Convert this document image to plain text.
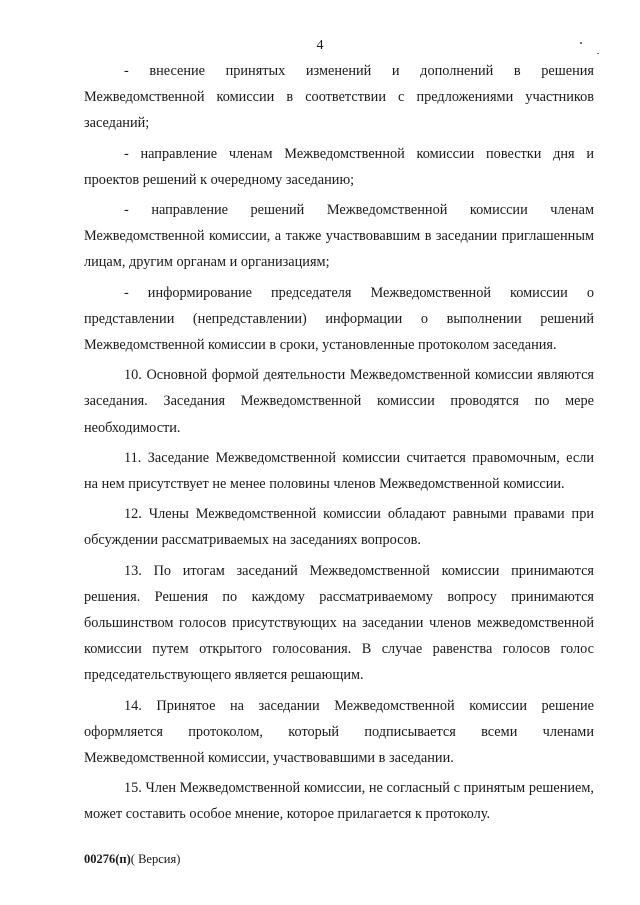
4

- внесение принятых изменений и дополнений в решения Межведомственной комиссии в соответствии с предложениями участников заседаний;

- направление членам Межведомственной комиссии повестки дня и проектов решений к очередному заседанию;

- направление решений Межведомственной комиссии членам Межведомственной комиссии, а также участвовавшим в заседании приглашенным лицам, другим органам и организациям;

- информирование председателя Межведомственной комиссии о представлении (непредставлении) информации о выполнении решений Межведомственной комиссии в сроки, установленные протоколом заседания.

10. Основной формой деятельности Межведомственной комиссии являются заседания. Заседания Межведомственной комиссии проводятся по мере необходимости.

11. Заседание Межведомственной комиссии считается правомочным, если на нем присутствует не менее половины членов Межведомственной комиссии.

12. Члены Межведомственной комиссии обладают равными правами при обсуждении рассматриваемых на заседаниях вопросов.

13. По итогам заседаний Межведомственной комиссии принимаются решения. Решения по каждому рассматриваемому вопросу принимаются большинством голосов присутствующих на заседании членов межведомственной комиссии путем открытого голосования. В случае равенства голосов голос председательствующего является решающим.

14. Принятое на заседании Межведомственной комиссии решение оформляется протоколом, который подписывается всеми членами Межведомственной комиссии, участвовавшими в заседании.

15. Член Межведомственной комиссии, не согласный с принятым решением, может составить особое мнение, которое прилагается к протоколу.

00276(п)( Версия)
